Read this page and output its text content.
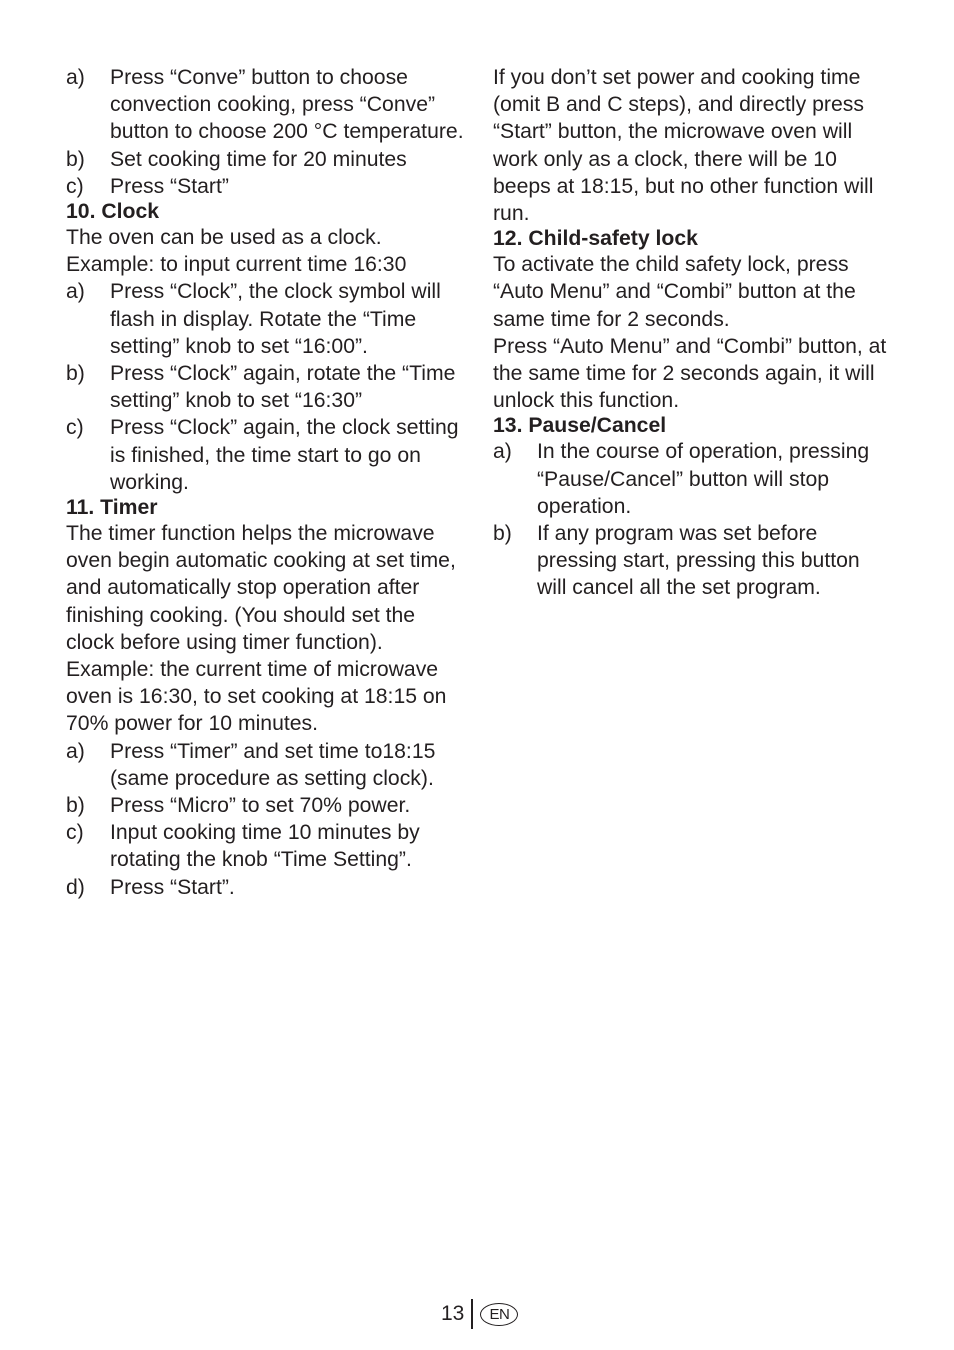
a)	Press “Conve” button to choose convection cooking, press “Conve” button to choose 200 °C temperature.
b)	Set cooking time for 20 minutes
c)	Press “Start”

10. Clock

The oven can be used as a clock.

Example: to input current time 16:30

a)	Press “Clock”, the clock symbol will flash in display. Rotate the “Time setting” knob to set “16:00”.
b)	Press “Clock” again, rotate the “Time setting” knob to set “16:30”
c)	Press “Clock” again, the clock setting is finished, the time start to go on working.

11. Timer

The timer function helps the microwave oven begin automatic cooking at set time, and automatically stop operation after finishing cooking. (You should set the clock before using timer function).

Example: the current time of microwave oven is 16:30, to set cooking at 18:15 on 70% power for 10 minutes.

a)	Press “Timer” and set time to18:15 (same procedure as setting clock).
b)	Press “Micro” to set 70% power.
c)	Input cooking time 10 minutes by rotating the knob “Time Setting”.
d)	Press “Start”.

If you don’t set power and cooking time (omit B and C steps), and directly press “Start” button, the microwave oven will work only as a clock, there will be 10 beeps at 18:15, but no other function will run.

12. Child-safety lock

To activate the child safety lock, press “Auto Menu” and “Combi” button at the same time for 2 seconds.

Press “Auto Menu” and “Combi” button, at the same time for 2 seconds again, it will unlock this function.

13. Pause/Cancel

a)	In the course of operation, pressing “Pause/Cancel” button will stop operation.
b)	If any program was set before pressing start, pressing this button will cancel all the set program.
13	EN
